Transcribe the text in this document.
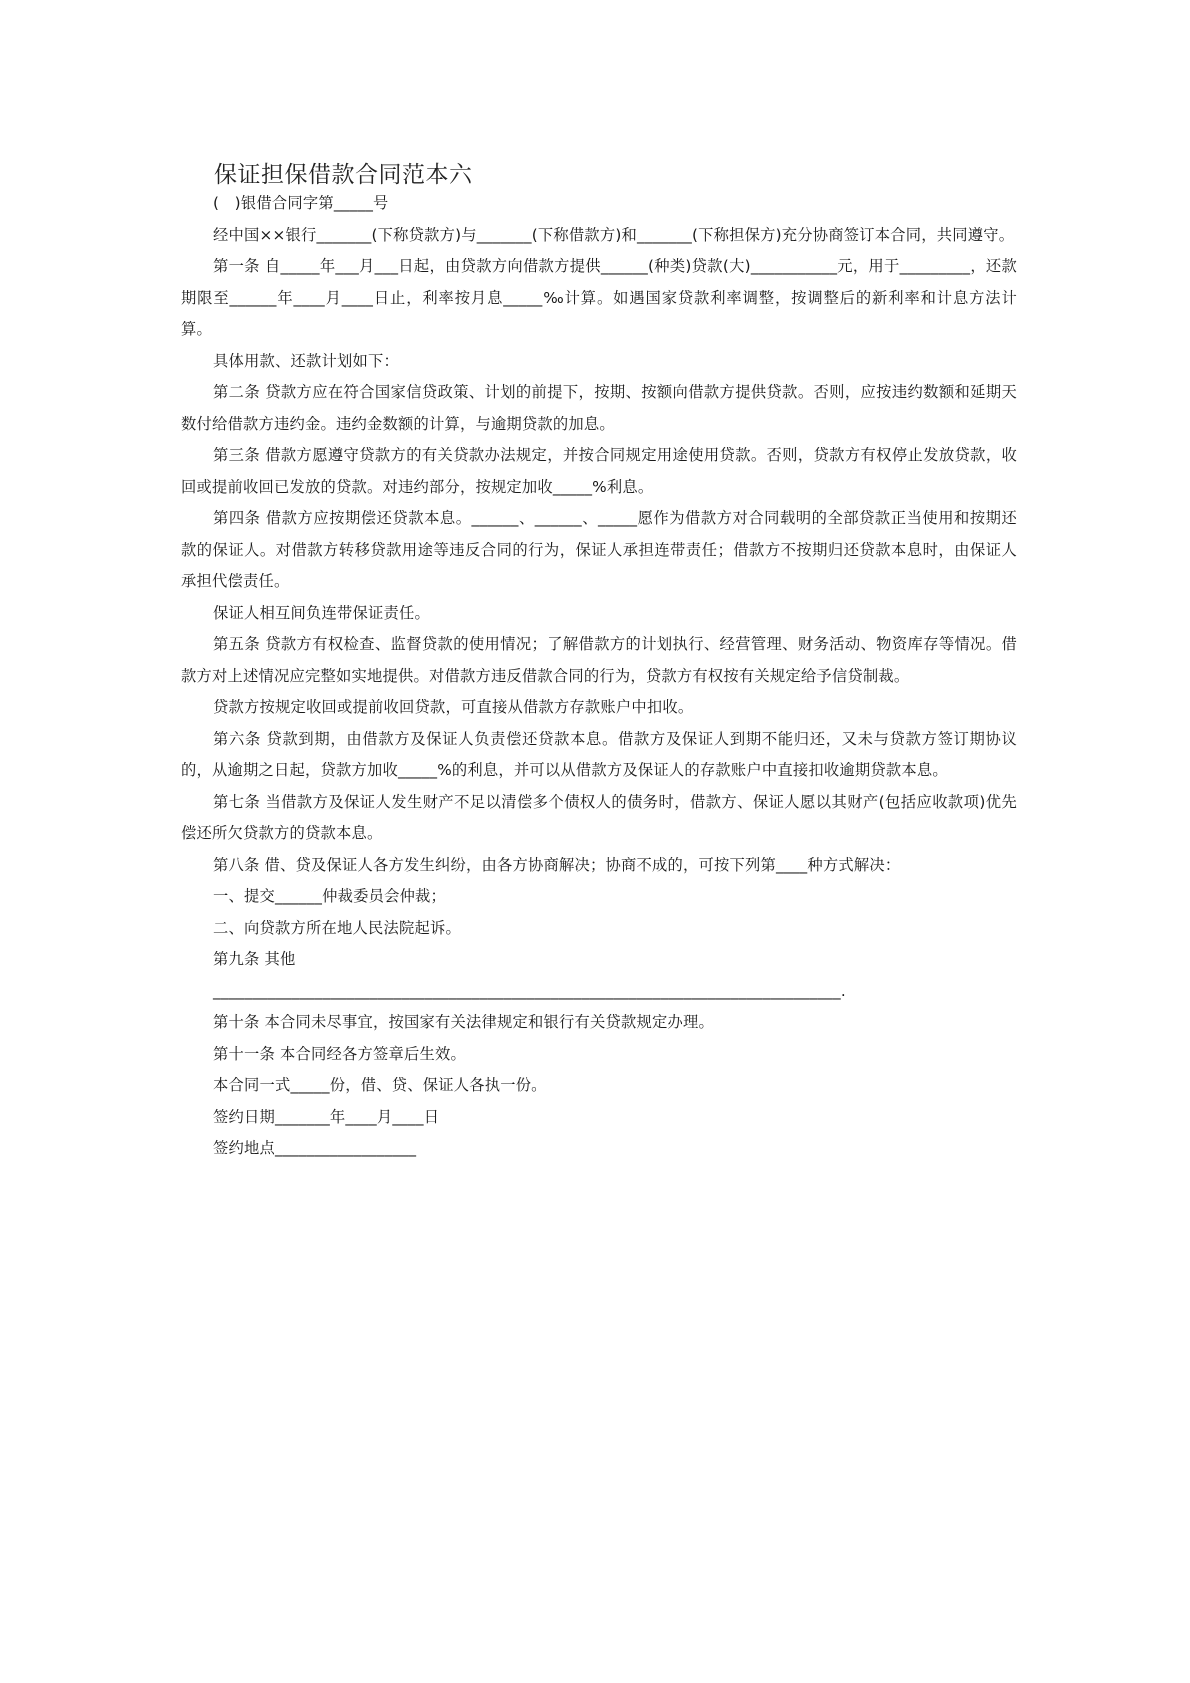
保证担保借款合同范本六

(　)银借合同字第_____号

经中国××银行_______(下称贷款方)与_______(下称借款方)和_______(下称担保方)充分协商签订本合同，共同遵守。

第一条 自_____年___月___日起，由贷款方向借款方提供______(种类)贷款(大)___________元，用于_________，还款期限至______年____月____日止，利率按月息_____‰计算。如遇国家贷款利率调整，按调整后的新利率和计息方法计算。

具体用款、还款计划如下：

第二条 贷款方应在符合国家信贷政策、计划的前提下，按期、按额向借款方提供贷款。否则，应按违约数额和延期天数付给借款方违约金。违约金数额的计算，与逾期贷款的加息。

第三条 借款方愿遵守贷款方的有关贷款办法规定，并按合同规定用途使用贷款。否则，贷款方有权停止发放贷款，收回或提前收回已发放的贷款。对违约部分，按规定加收_____%利息。

第四条 借款方应按期偿还贷款本息。______、______、_____愿作为借款方对合同载明的全部贷款正当使用和按期还款的保证人。对借款方转移贷款用途等违反合同的行为，保证人承担连带责任；借款方不按期归还贷款本息时，由保证人承担代偿责任。

保证人相互间负连带保证责任。

第五条 贷款方有权检查、监督贷款的使用情况；了解借款方的计划执行、经营管理、财务活动、物资库存等情况。借款方对上述情况应完整如实地提供。对借款方违反借款合同的行为，贷款方有权按有关规定给予信贷制裁。

贷款方按规定收回或提前收回贷款，可直接从借款方存款账户中扣收。

第六条 贷款到期，由借款方及保证人负责偿还贷款本息。借款方及保证人到期不能归还，又未与贷款方签订期协议的，从逾期之日起，贷款方加收_____%的利息，并可以从借款方及保证人的存款账户中直接扣收逾期贷款本息。

第七条 当借款方及保证人发生财产不足以清偿多个债权人的债务时，借款方、保证人愿以其财产(包括应收款项)优先偿还所欠贷款方的贷款本息。

第八条 借、贷及保证人各方发生纠纷，由各方协商解决；协商不成的，可按下列第____种方式解决：

一、提交______仲裁委员会仲裁；

二、向贷款方所在地人民法院起诉。

第九条 其他

________________________________________________________________________________.

第十条 本合同未尽事宜，按国家有关法律规定和银行有关贷款规定办理。

第十一条 本合同经各方签章后生效。

本合同一式_____份，借、贷、保证人各执一份。

签约日期_______年____月____日

签约地点__________________
